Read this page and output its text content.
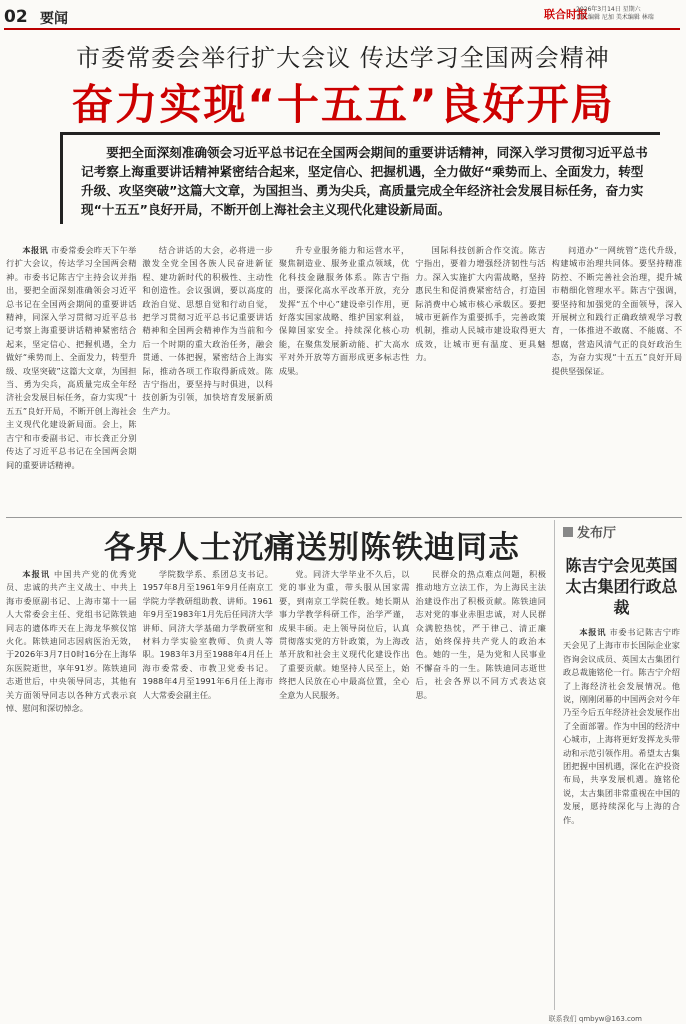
02 要闻	联合时报
2026年3月14日 星期六
责任编辑 尼加 美术编辑 林瑞
市委常委会举行扩大会议 传达学习全国两会精神
奋力实现“十五五”良好开局

要把全面深刻准确领会习近平总书记在全国两会期间的重要讲话精神，同深入学习贯彻习近平总书记考察上海重要讲话精神紧密结合起来，坚定信心、把握机遇，全力做好“乘势而上、全面发力，转型升级、攻坚突破”这篇大文章，为国担当、勇为尖兵，高质量完成全年经济社会发展目标任务，奋力实现“十五五”良好开局，不断开创上海社会主义现代化建设新局面。

本报讯 市委常委会昨天下午举行扩大会议，传达学习全国两会精神。市委书记陈吉宁主持会议并指出，要把全面深刻准确领会习近平总书记在全国两会期间的重要讲话精神，同深入学习贯彻习近平总书记考察上海重要讲话精神紧密结合起来，坚定信心、把握机遇，全力做好“乘势而上、全面发力，转型升级、攻坚突破”这篇大文章，为国担当、勇为尖兵，高质量完成全年经济社会发展目标任务，奋力实现“十五五”良好开局，不断开创上海社会主义现代化建设新局面。会上，陈吉宁和市委副书记、市长龚正分别传达了习近平总书记在全国两会期间的重要讲话精神。

结合讲话的大会，必将进一步激发全党全国各族人民奋进新征程、建功新时代的积极性、主动性和创造性。会议强调，要以高度的政治自觉、思想自觉和行动自觉，把学习贯彻习近平总书记重要讲话精神和全国两会精神作为当前和今后一个时期的重大政治任务，融会贯通、一体把握，紧密结合上海实际，推动各项工作取得新成效。陈吉宁指出，要坚持与时俱进，以科技创新为引领，加快培育发展新质生产力。

升专业服务能力和运营水平，聚焦制造业、服务业重点领域，优化科技金融服务体系。陈吉宁指出，要深化高水平改革开放，充分发挥“五个中心”建设牵引作用，更好落实国家战略、维护国家利益，保障国家安全。持续深化核心功能，在聚焦发展新动能、扩大高水平对外开放等方面形成更多标志性成果。

国际科技创新合作交流。陈吉宁指出，要着力增强经济韧性与活力。深入实施扩大内需战略，坚持惠民生和促消费紧密结合，打造国际消费中心城市核心承载区。要把城市更新作为重要抓手，完善政策机制，推动人民城市建设取得更大成效，让城市更有温度、更具魅力。

问道办“一网统管”迭代升级，构建城市治理共同体。要坚持精准防控、不断完善社会治理，提升城市精细化管理水平。陈吉宁强调，要坚持和加强党的全面领导，深入开展树立和践行正确政绩观学习教育，一体推进不敢腐、不能腐、不想腐，营造风清气正的良好政治生态，为奋力实现“十五五”良好开局提供坚强保证。

各界人士沉痛送别陈铁迪同志

本报讯 中国共产党的优秀党员、忠诚的共产主义战士、中共上海市委原副书记、上海市第十一届人大常委会主任、党组书记陈铁迪同志的遗体昨天在上海龙华殡仪馆火化。陈铁迪同志因病医治无效，于2026年3月7日0时16分在上海华东医院逝世，享年91岁。陈铁迪同志逝世后，中央领导同志，其他有关方面领导同志以各种方式表示哀悼、慰问和深切悼念。

学院数学系、系团总支书记。1957年8月至1961年9月任南京工学院力学教研组助教、讲师。1961年9月至1983年1月先后任同济大学讲师、同济大学基础力学教研室和材料力学实验室教师、负责人等职。1983年3月至1988年4月任上海市委常委、市教卫党委书记。1988年4月至1991年6月任上海市人大常委会副主任。

党。同济大学毕业不久后，以党的事业为重，带头服从国家需要，到南京工学院任教。她长期从事力学教学科研工作，治学严谨，成果丰硕。走上领导岗位后，认真贯彻落实党的方针政策，为上海改革开放和社会主义现代化建设作出了重要贡献。她坚持人民至上，始终把人民放在心中最高位置，全心全意为人民服务。

民群众的热点难点问题，积极推动地方立法工作，为上海民主法治建设作出了积极贡献。陈铁迪同志对党的事业赤胆忠诚，对人民群众满腔热忱，严于律己、清正廉洁，始终保持共产党人的政治本色。她的一生，是为党和人民事业不懈奋斗的一生。陈铁迪同志逝世后，社会各界以不同方式表达哀思。

发布厅
陈吉宁会见英国
太古集团行政总裁

本报讯 市委书记陈吉宁昨天会见了上海市市长国际企业家咨询会议成员、英国太古集团行政总裁施铭伦一行。陈吉宁介绍了上海经济社会发展情况。他说，刚刚闭幕的中国两会对今年乃至今后五年经济社会发展作出了全面部署。作为中国的经济中心城市，上海将更好发挥龙头带动和示范引领作用。希望太古集团把握中国机遇，深化在沪投资布局，共享发展机遇。施铭伦说，太古集团非常重视在中国的发展，愿持续深化与上海的合作。

联系我们 qmbyw@163.com
